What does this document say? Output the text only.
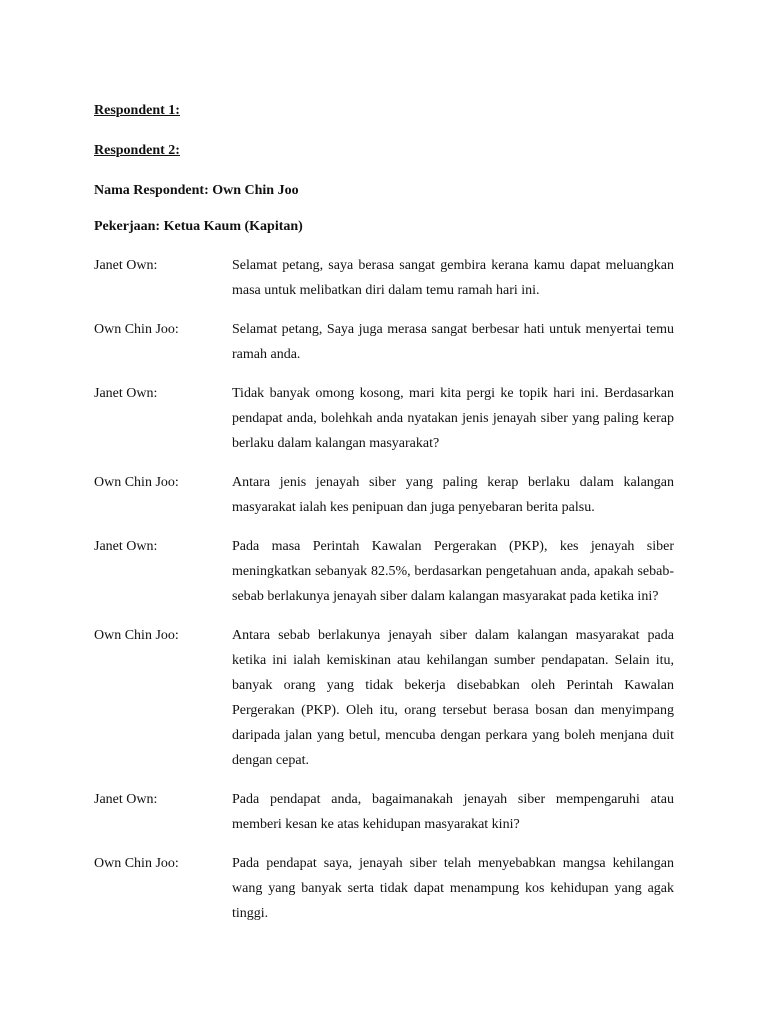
Respondent 1:

Respondent 2:

Nama Respondent: Own Chin Joo

Pekerjaan: Ketua Kaum (Kapitan)

Janet Own:	Selamat petang, saya berasa sangat gembira kerana kamu dapat meluangkan masa untuk melibatkan diri dalam temu ramah hari ini.

Own Chin Joo:	Selamat petang, Saya juga merasa sangat berbesar hati untuk menyertai temu ramah anda.

Janet Own:	Tidak banyak omong kosong, mari kita pergi ke topik hari ini. Berdasarkan pendapat anda, bolehkah anda nyatakan jenis jenayah siber yang paling kerap berlaku dalam kalangan masyarakat?

Own Chin Joo:	Antara jenis jenayah siber yang paling kerap berlaku dalam kalangan masyarakat ialah kes penipuan dan juga penyebaran berita palsu.

Janet Own:	Pada masa Perintah Kawalan Pergerakan (PKP), kes jenayah siber meningkatkan sebanyak 82.5%, berdasarkan pengetahuan anda, apakah sebab-sebab berlakunya jenayah siber dalam kalangan masyarakat pada ketika ini?

Own Chin Joo:	Antara sebab berlakunya jenayah siber dalam kalangan masyarakat pada ketika ini ialah kemiskinan atau kehilangan sumber pendapatan. Selain itu, banyak orang yang tidak bekerja disebabkan oleh Perintah Kawalan Pergerakan (PKP). Oleh itu, orang tersebut berasa bosan dan menyimpang daripada jalan yang betul, mencuba dengan perkara yang boleh menjana duit dengan cepat.

Janet Own:	Pada pendapat anda, bagaimanakah jenayah siber mempengaruhi atau memberi kesan ke atas kehidupan masyarakat kini?

Own Chin Joo:	Pada pendapat saya, jenayah siber telah menyebabkan mangsa kehilangan wang yang banyak serta tidak dapat menampung kos kehidupan yang agak tinggi.
